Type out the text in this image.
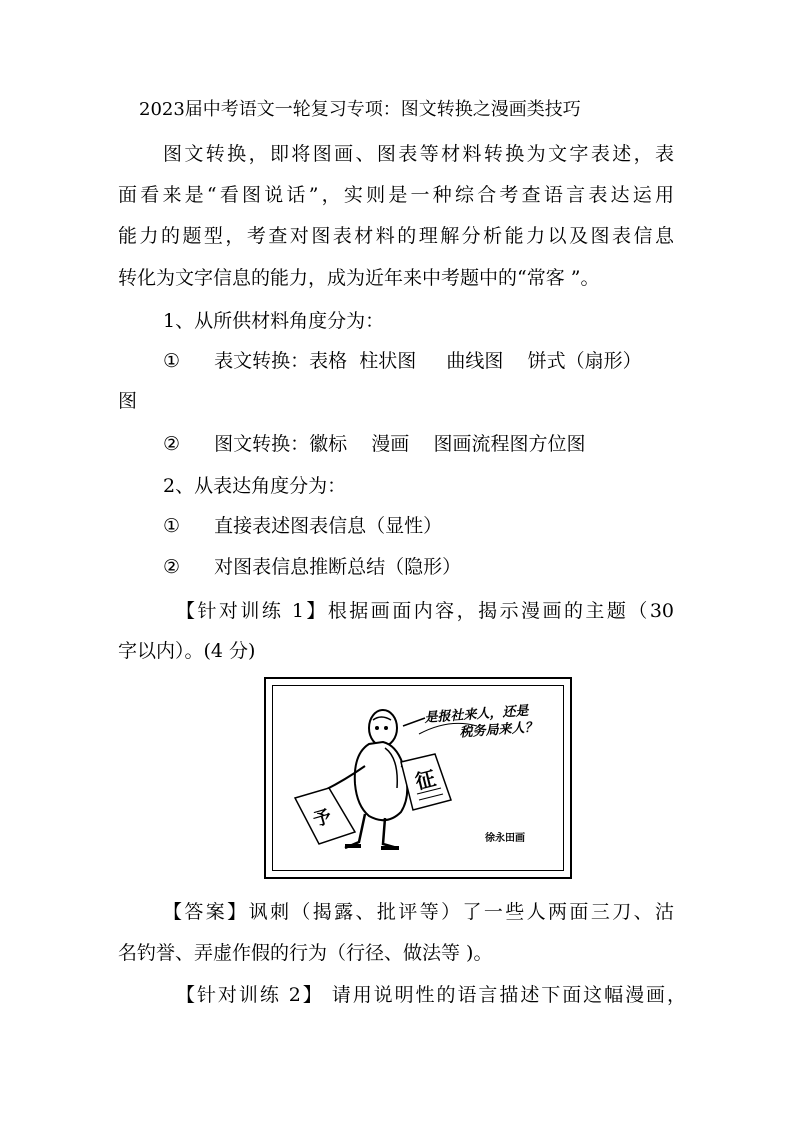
2023届中考语文一轮复习专项：图文转换之漫画类技巧
图文转换，即将图画、图表等材料转换为文字表述，表
面看来是“看图说话”，实则是一种综合考查语言表达运用
能力的题型，考查对图表材料的理解分析能力以及图表信息
转化为文字信息的能力，成为近年来中考题中的“常客 ”。
1、从所供材料角度分为：
① 表文转换：表格  柱状图     曲线图    饼式（扇形）
图
② 图文转换：徽标    漫画    图画流程图方位图
2、从表达角度分为：
① 直接表述图表信息（显性）
② 对图表信息推断总结（隐形）
【针对训练 1】根据画面内容，揭示漫画的主题（30
字以内）。(4 分)
是报社来人，还是
税务局来人？
予
征
徐永田画
【答案】讽刺（揭露、批评等）了一些人两面三刀、沽
名钓誉、弄虚作假的行为（行径、做法等 )。
【针对训练 2】 请用说明性的语言描述下面这幅漫画，
